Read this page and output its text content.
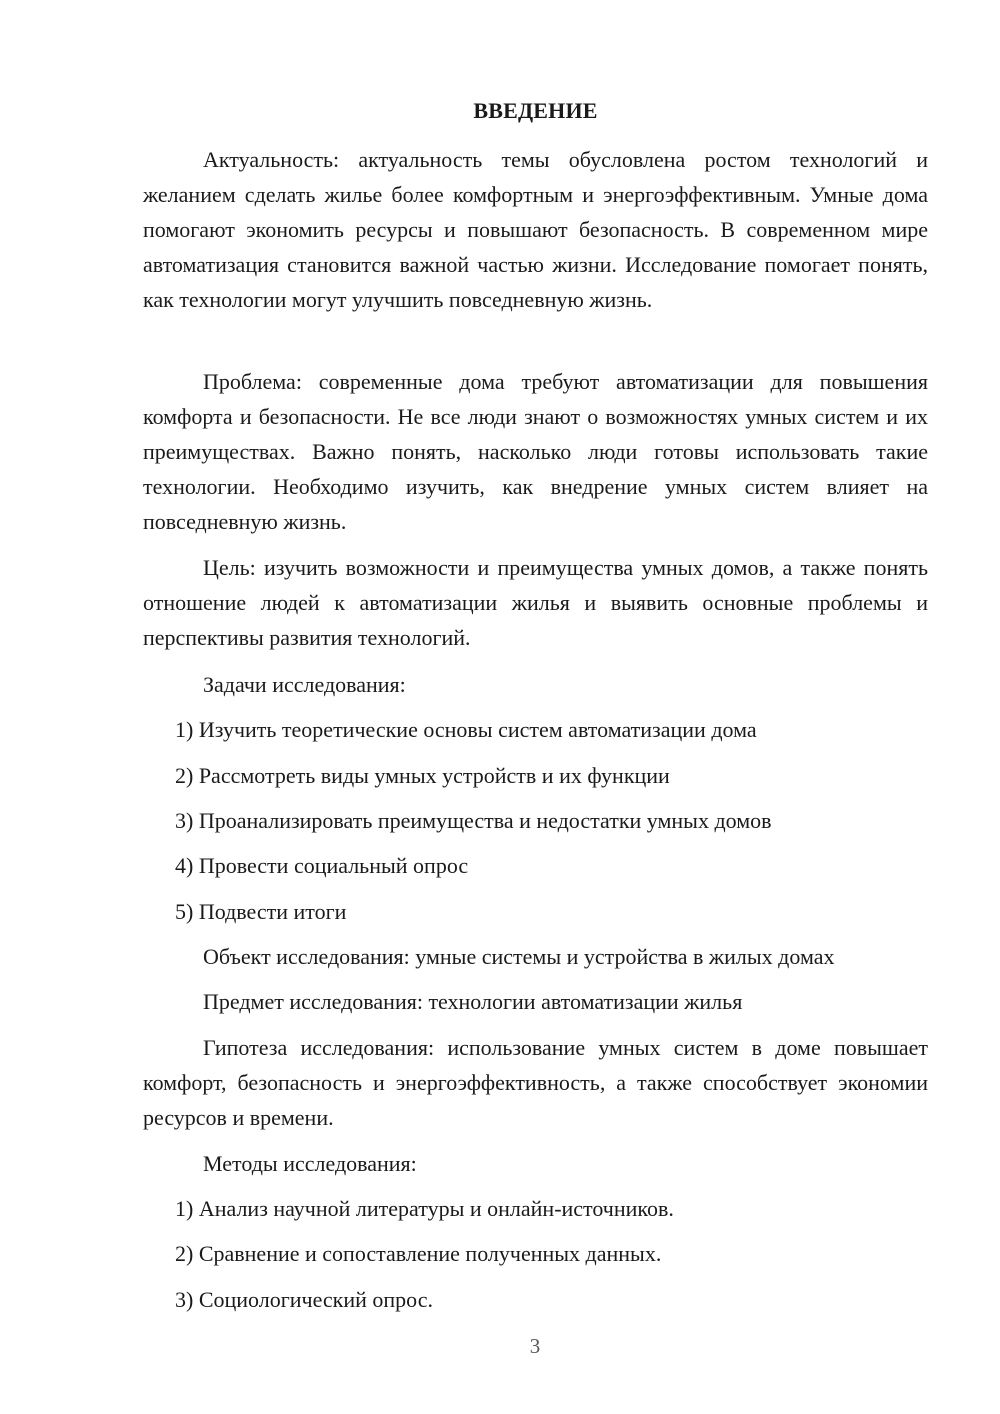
ВВЕДЕНИЕ

Актуальность: актуальность темы обусловлена ростом технологий и желанием сделать жилье более комфортным и энергоэффективным. Умные дома помогают экономить ресурсы и повышают безопасность. В современном мире автоматизация становится важной частью жизни. Исследование помогает понять, как технологии могут улучшить повседневную жизнь.

Проблема: современные дома требуют автоматизации для повышения комфорта и безопасности. Не все люди знают о возможностях умных систем и их преимуществах. Важно понять, насколько люди готовы использовать такие технологии. Необходимо изучить, как внедрение умных систем влияет на повседневную жизнь.

Цель: изучить возможности и преимущества умных домов, а также понять отношение людей к автоматизации жилья и выявить основные проблемы и перспективы развития технологий.

Задачи исследования:

1) Изучить теоретические основы систем автоматизации дома

2) Рассмотреть виды умных устройств и их функции

3) Проанализировать преимущества и недостатки умных домов

4) Провести социальный опрос

5) Подвести итоги

Объект исследования: умные системы и устройства в жилых домах

Предмет исследования: технологии автоматизации жилья

Гипотеза исследования: использование умных систем в доме повышает комфорт, безопасность и энергоэффективность, а также способствует экономии ресурсов и времени.

Методы исследования:

1) Анализ научной литературы и онлайн-источников.

2) Сравнение и сопоставление полученных данных.

3) Социологический опрос.

3
